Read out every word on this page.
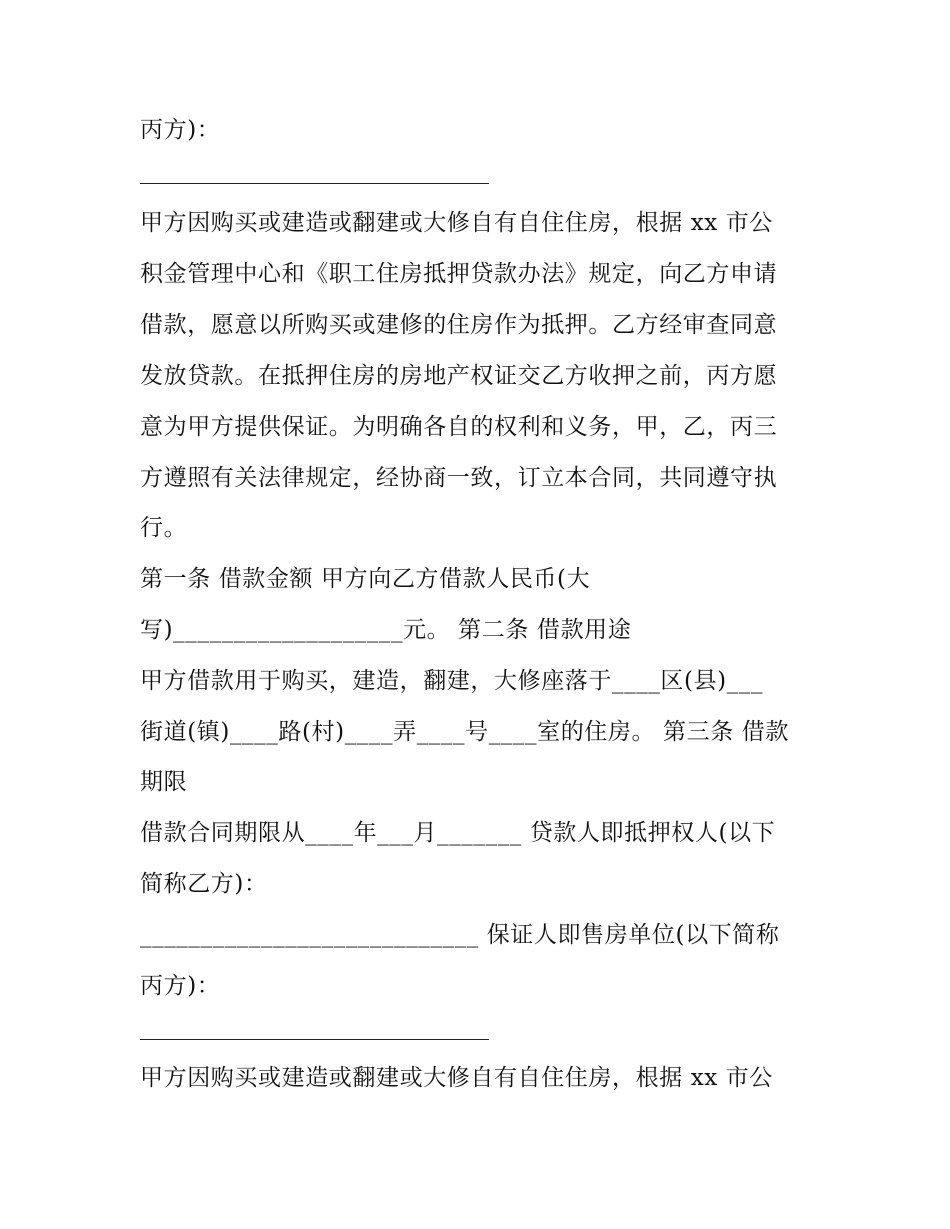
丙方)：
甲方因购买或建造或翻建或大修自有自住住房，根据 xx 市公
积金管理中心和《职工住房抵押贷款办法》规定，向乙方申请
借款，愿意以所购买或建修的住房作为抵押。乙方经审查同意
发放贷款。在抵押住房的房地产权证交乙方收押之前，丙方愿
意为甲方提供保证。为明确各自的权利和义务，甲，乙，丙三
方遵照有关法律规定，经协商一致，订立本合同，共同遵守执
行。
第一条 借款金额 甲方向乙方借款人民币(大
写)___________________元。 第二条 借款用途
甲方借款用于购买，建造，翻建，大修座落于____区(县)___
街道(镇)____路(村)____弄____号____室的住房。 第三条 借款
期限
借款合同期限从____年___月_______ 贷款人即抵押权人(以下
简称乙方)：
____________________________ 保证人即售房单位(以下简称
丙方)：
甲方因购买或建造或翻建或大修自有自住住房，根据 xx 市公
